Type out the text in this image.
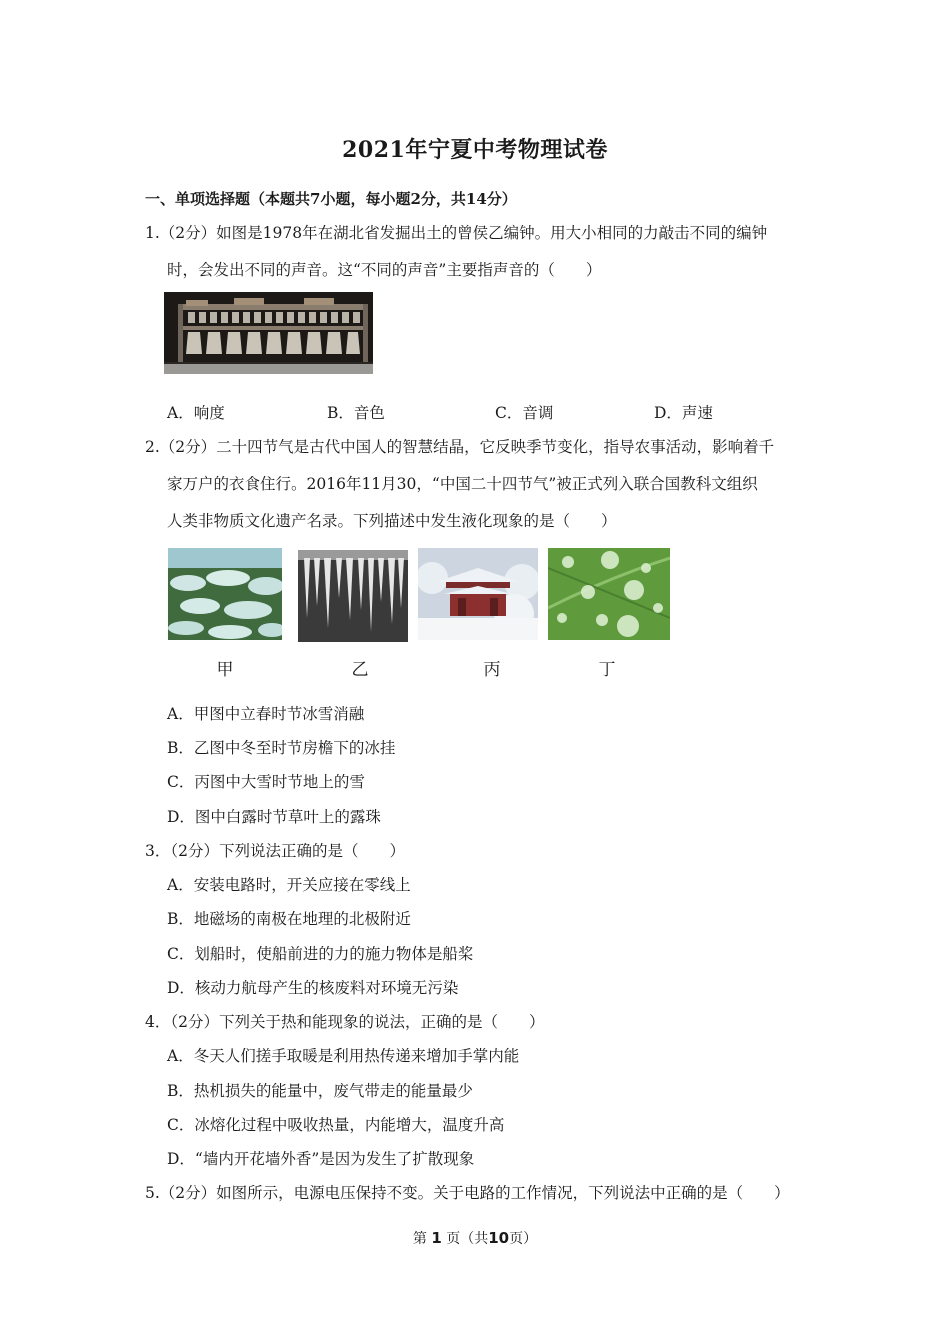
2021年宁夏中考物理试卷
一、单项选择题（本题共7小题，每小题2分，共14分）
1.（2分）如图是1978年在湖北省发掘出土的曾侯乙编钟。用大小相同的力敲击不同的编钟
时，会发出不同的声音。这“不同的声音”主要指声音的（　　）
A．响度	B．音色	C．音调	D．声速
2.（2分）二十四节气是古代中国人的智慧结晶，它反映季节变化，指导农事活动，影响着千
家万户的衣食住行。2016年11月30，“中国二十四节气”被正式列入联合国教科文组织
人类非物质文化遗产名录。下列描述中发生液化现象的是（　　）
甲	乙	丙	丁
A．甲图中立春时节冰雪消融
B．乙图中冬至时节房檐下的冰挂
C．丙图中大雪时节地上的雪
D．图中白露时节草叶上的露珠
3．（2分）下列说法正确的是（　　）
A．安装电路时，开关应接在零线上
B．地磁场的南极在地理的北极附近
C．划船时，使船前进的力的施力物体是船桨
D．核动力航母产生的核废料对环境无污染
4．（2分）下列关于热和能现象的说法，正确的是（　　）
A．冬天人们搓手取暖是利用热传递来增加手掌内能
B．热机损失的能量中，废气带走的能量最少
C．冰熔化过程中吸收热量，内能增大，温度升高
D．“墙内开花墙外香”是因为发生了扩散现象
5.（2分）如图所示，电源电压保持不变。关于电路的工作情况，下列说法中正确的是（　　）
第 1 页（共10页）
